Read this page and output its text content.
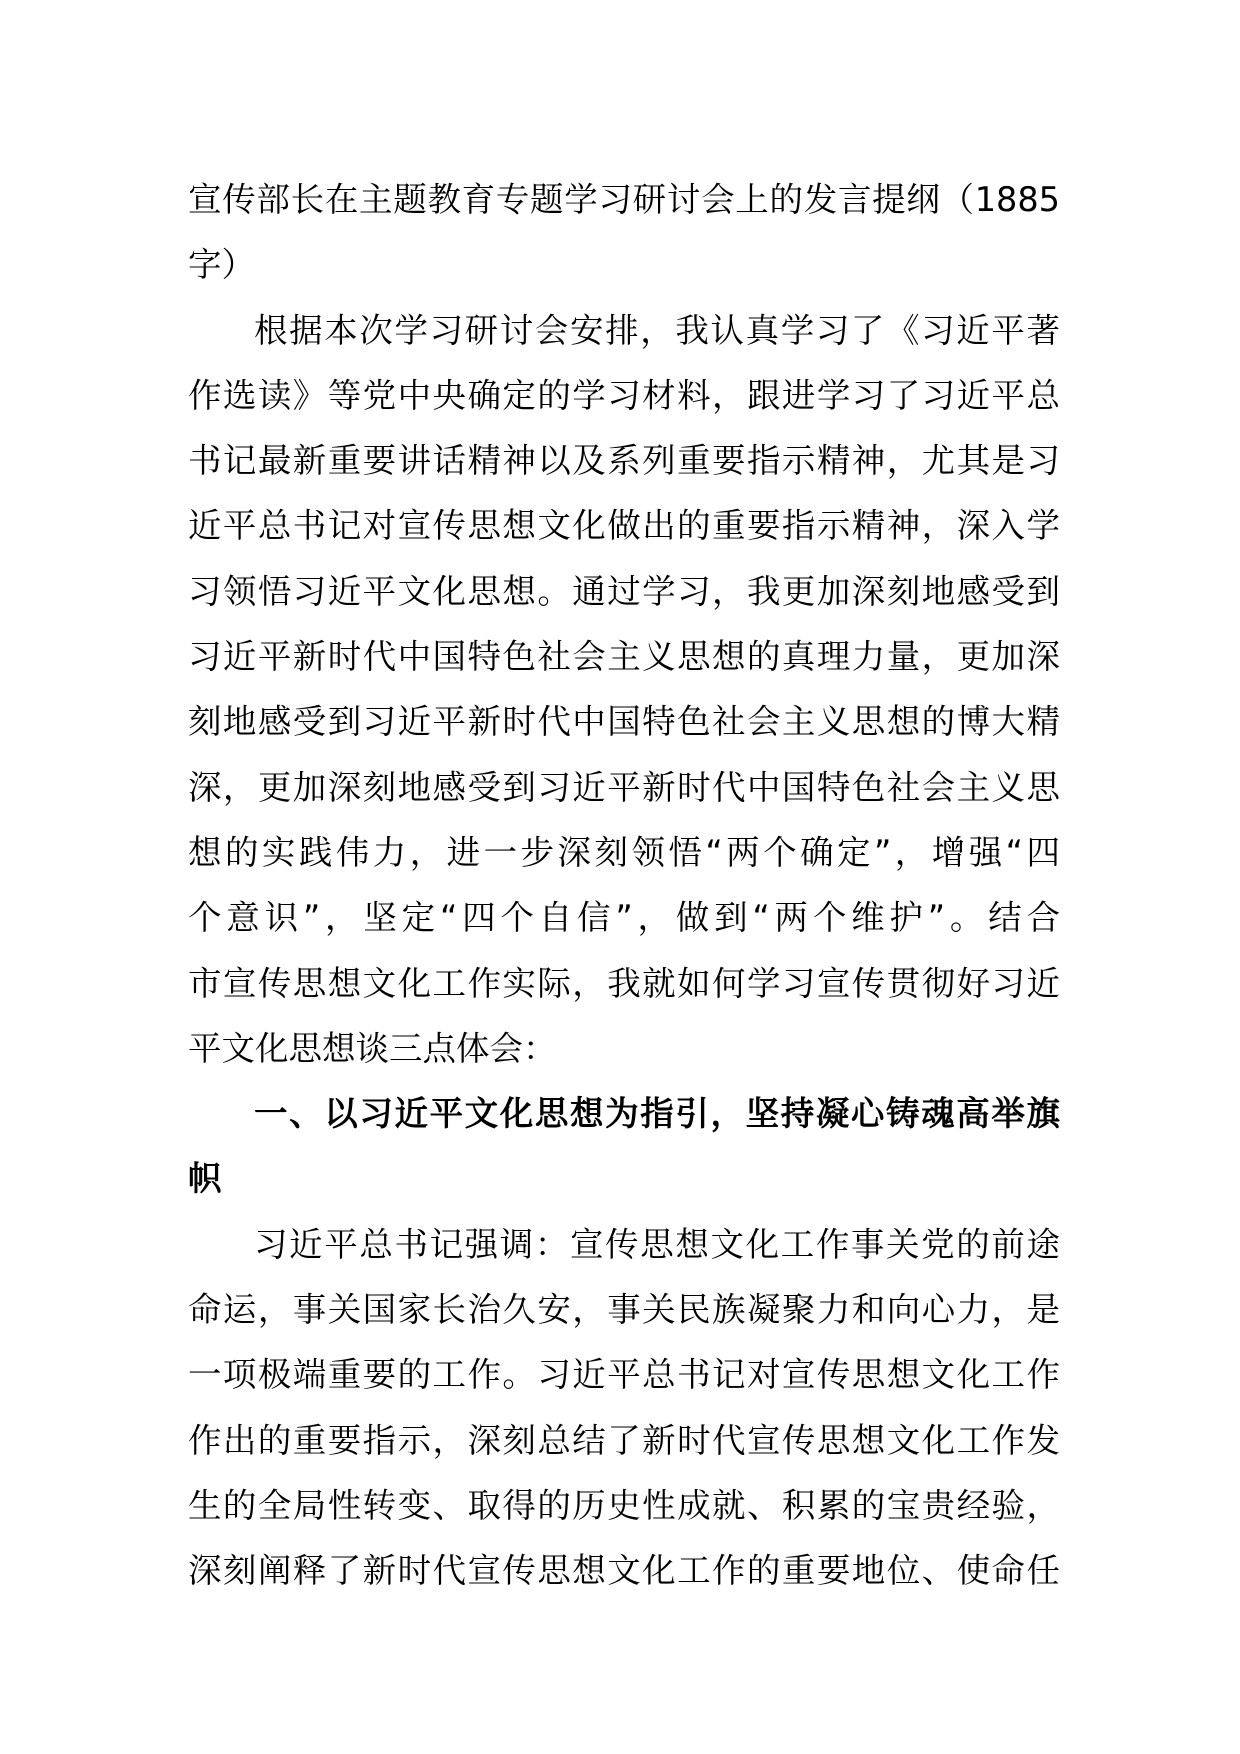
宣传部长在主题教育专题学习研讨会上的发言提纲（1885
字）
根据本次学习研讨会安排，我认真学习了《习近平著
作选读》等党中央确定的学习材料，跟进学习了习近平总
书记最新重要讲话精神以及系列重要指示精神，尤其是习
近平总书记对宣传思想文化做出的重要指示精神，深入学
习领悟习近平文化思想。通过学习，我更加深刻地感受到
习近平新时代中国特色社会主义思想的真理力量，更加深
刻地感受到习近平新时代中国特色社会主义思想的博大精
深，更加深刻地感受到习近平新时代中国特色社会主义思
想的实践伟力，进一步深刻领悟“两个确定”，增强“四
个意识”，坚定“四个自信”，做到“两个维护”。结合
市宣传思想文化工作实际，我就如何学习宣传贯彻好习近
平文化思想谈三点体会：
一、以习近平文化思想为指引，坚持凝心铸魂高举旗
帜
习近平总书记强调：宣传思想文化工作事关党的前途
命运，事关国家长治久安，事关民族凝聚力和向心力，是
一项极端重要的工作。习近平总书记对宣传思想文化工作
作出的重要指示，深刻总结了新时代宣传思想文化工作发
生的全局性转变、取得的历史性成就、积累的宝贵经验，
深刻阐释了新时代宣传思想文化工作的重要地位、使命任
